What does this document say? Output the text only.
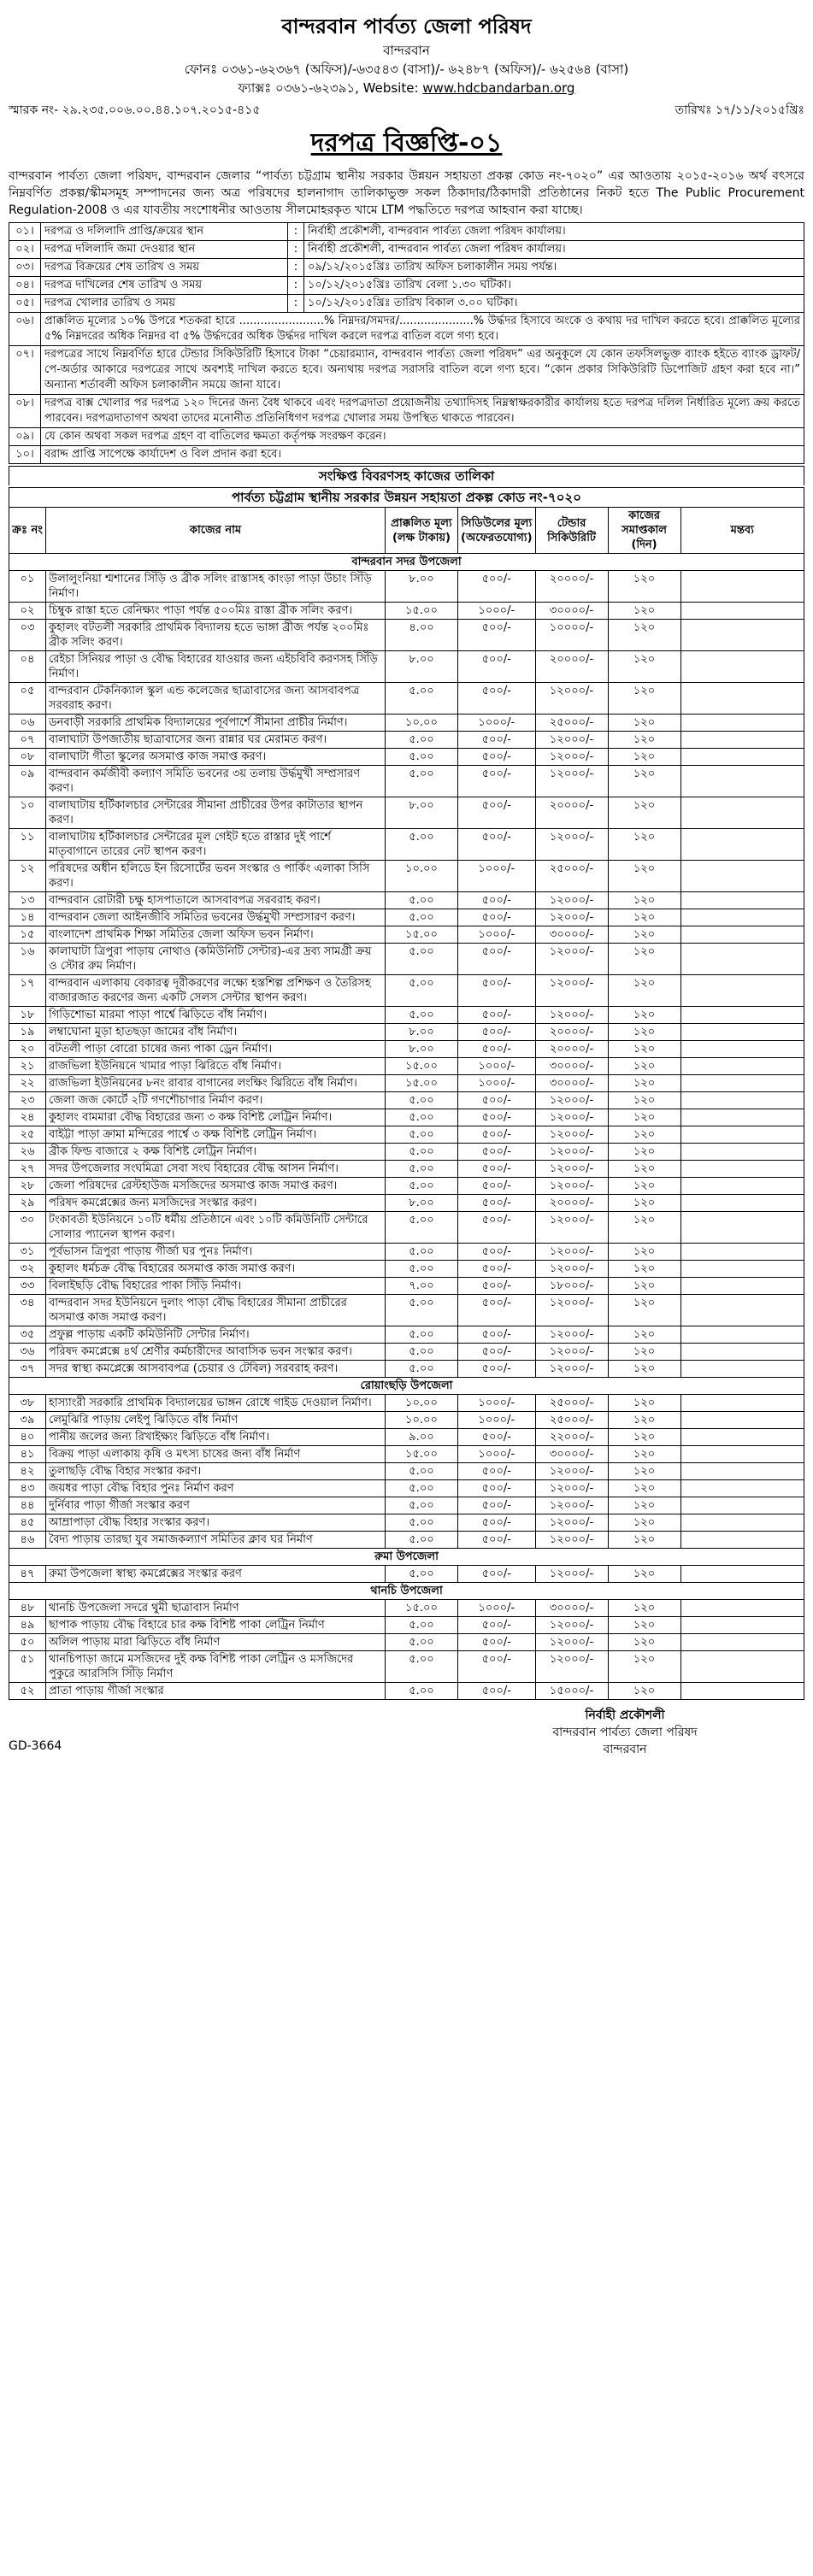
বান্দরবান পার্বত্য জেলা পরিষদ
বান্দরবান
ফোনঃ ০৩৬১-৬২৩৬৭ (অফিস)/-৬৩৫৪৩ (বাসা)/- ৬২৪৮৭ (অফিস)/- ৬২৫৬৪ (বাসা)
ফ্যাক্সঃ ০৩৬১-৬২৩৯১, Website: www.hdcbandarban.org
স্মারক নং- ২৯.২৩৫.০০৬.০০.৪৪.১০৭.২০১৫-৪১৫	তারিখঃ ১৭/১১/২০১৫খ্রিঃ
দরপত্র বিজ্ঞপ্তি-০১
বান্দরবান পার্বত্য জেলা পরিষদ, বান্দরবান জেলার “পার্বত্য চট্টগ্রাম স্থানীয় সরকার উন্নয়ন সহায়তা প্রকল্প কোড নং-৭০২০” এর আওতায় ২০১৫-২০১৬ অর্থ বৎসরে নিম্নবর্ণিত প্রকল্প/স্কীমসমূহ সম্পাদনের জন্য অত্র পরিষদের হালনাগাদ তালিকাভুক্ত সকল ঠিকাদার/ঠিকাদারী প্রতিষ্ঠানের নিকট হতে The Public Procurement Regulation-2008 ও এর যাবতীয় সংশোধনীর আওতায় সীলমোহরকৃত খামে LTM পদ্ধতিতে দরপত্র আহবান করা যাচ্ছে।
০১।	দরপত্র ও দলিলাদি প্রাপ্তি/ক্রয়ের স্থান	:	নির্বাহী প্রকৌশলী, বান্দরবান পার্বত্য জেলা পরিষদ কার্যালয়।
০২।	দরপত্র দলিলাদি জমা দেওয়ার স্থান	:	নির্বাহী প্রকৌশলী, বান্দরবান পার্বত্য জেলা পরিষদ কার্যালয়।
০৩।	দরপত্র বিক্রয়ের শেষ তারিখ ও সময়	:	০৯/১২/২০১৫খ্রিঃ তারিখ অফিস চলাকালীন সময় পর্যন্ত।
০৪।	দরপত্র দাখিলের শেষ তারিখ ও সময়	:	১০/১২/২০১৫খ্রিঃ তারিখ বেলা ১.৩০ ঘটিকা।
০৫।	দরপত্র খোলার তারিখ ও সময়	:	১০/১২/২০১৫খ্রিঃ তারিখ বিকাল ৩.০০ ঘটিকা।
০৬।	প্রাক্কলিত মূল্যের ১০% উপরে শতকরা হারে ........................% নিম্নদর/সমদর/.....................% উর্দ্ধদর হিসাবে অংকে ও কথায় দর দাখিল করতে হবে। প্রাক্কলিত মূল্যের ৫% নিম্নদরের অধিক নিম্নদর বা ৫% উর্দ্ধদরের অধিক উর্দ্ধদর দাখিল করলে দরপত্র বাতিল বলে গণ্য হবে।		
০৭।	দরপত্রের সাথে নিম্নবর্ণিত হারে টেন্ডার সিকিউরিটি হিসাবে টাকা “চেয়ারম্যান, বান্দরবান পার্বত্য জেলা পরিষদ” এর অনুকূলে যে কোন তফসিলভুক্ত ব্যাংক হইতে ব্যাংক ড্রাফট/পে-অর্ডার আকারে দরপত্রের সাথে অবশ্যই দাখিল করতে হবে। অন্যথায় দরপত্র সরাসরি বাতিল বলে গণ্য হবে। “কোন প্রকার সিকিউরিটি ডিপোজিট গ্রহণ করা হবে না।” অন্যান্য শর্তাবলী অফিস চলাকালীন সময়ে জানা যাবে।		
০৮।	দরপত্র বাক্স খোলার পর দরপত্র ১২০ দিনের জন্য বৈধ থাকবে এবং দরপত্রদাতা প্রয়োজনীয় তথ্যাদিসহ নিম্নস্বাক্ষরকারীর কার্যালয় হতে দরপত্র দলিল নির্ধারিত মূল্যে ক্রয় করতে পারবেন। দরপত্রদাতাগণ অথবা তাদের মনোনীত প্রতিনিধিগণ দরপত্র খোলার সময় উপস্থিত থাকতে পারবেন।		
০৯।	যে কোন অথবা সকল দরপত্র গ্রহণ বা বাতিলের ক্ষমতা কর্তৃপক্ষ সংরক্ষণ করেন।		
১০।	বরাদ্দ প্রাপ্তি সাপেক্ষে কার্যাদেশ ও বিল প্রদান করা হবে।		
সংক্ষিপ্ত বিবরণসহ কাজের তালিকা
পার্বত্য চট্টগ্রাম স্থানীয় সরকার উন্নয়ন সহায়তা প্রকল্প কোড নং-৭০২০
ক্রঃ নং	কাজের নাম	প্রাক্কলিত মূল্য (লক্ষ টাকায়)	সিডিউলের মূল্য (অফেরতযোগ্য)	টেন্ডার সিকিউরিটি	কাজের সমাপ্তকাল (দিন)	মন্তব্য
বান্দরবান সদর উপজেলা						
০১	উলালুংনিয়া শ্মশানের সিঁড়ি ও ব্রীক সলিং রাস্তাসহ কাংড়া পাড়া উচাং সিঁড়ি নির্মাণ।	৮.০০	৫০০/-	২০০০০/-	১২০	
০২	চিম্বুক রাস্তা হতে রেনিক্ষ্যং পাড়া পর্যন্ত ৫০০মিঃ রাস্তা ব্রীক সলিং করণ।	১৫.০০	১০০০/-	৩০০০০/-	১২০	
০৩	কুহালং বটতলী সরকারি প্রাথমিক বিদ্যালয় হতে ভাঙ্গা ব্রীজ পর্যন্ত ২০০মিঃ ব্রীক সলিং করণ।	৪.০০	৫০০/-	১০০০০/-	১২০	
০৪	রেইচা সিনিয়র পাড়া ও বৌদ্ধ বিহারের যাওয়ার জন্য এইচবিবি করণসহ সিঁড়ি নির্মাণ।	৮.০০	৫০০/-	২০০০০/-	১২০	
০৫	বান্দরবান টেকনিক্যাল স্কুল এন্ড কলেজের ছাত্রাবাসের জন্য আসবাবপত্র সরবরাহ করণ।	৫.০০	৫০০/-	১২০০০/-	১২০	
০৬	ডনবাড়ী সরকারি প্রাথমিক বিদ্যালয়ের পূর্বপার্শে সীমানা প্রাচীর নির্মাণ।	১০.০০	১০০০/-	২৫০০০/-	১২০	
০৭	বালাঘাটা উপজাতীয় ছাত্রাবাসের জন্য রান্নার ঘর মেরামত করণ।	৫.০০	৫০০/-	১২০০০/-	১২০	
০৮	বালাঘাটা গীতা স্কুলের অসমাপ্ত কাজ সমাপ্ত করণ।	৫.০০	৫০০/-	১২০০০/-	১২০	
০৯	বান্দরবান কর্মজীবী কল্যাণ সমিতি ভবনের ৩য় তলায় উর্দ্ধমুখী সম্প্রসারণ করণ।	৫.০০	৫০০/-	১২০০০/-	১২০	
১০	বালাঘাটায় হর্টিকালচার সেন্টারের সীমানা প্রাচীরের উপর কাটাতার স্থাপন করণ।	৮.০০	৫০০/-	২০০০০/-	১২০	
১১	বালাঘাটায় হর্টিকালচার সেন্টারের মূল গেইট হতে রাস্তার দুই পার্শে মাতৃবাগানে তারের নেট স্থাপন করণ।	৫.০০	৫০০/-	১২০০০/-	১২০	
১২	পরিষদের অধীন হলিডে ইন রিসোর্টের ভবন সংস্কার ও পার্কিং এলাকা সিসি করণ।	১০.০০	১০০০/-	২৫০০০/-	১২০	
১৩	বান্দরবান রোটারী চক্ষু হাসপাতালে আসবাবপত্র সরবরাহ করণ।	৫.০০	৫০০/-	১২০০০/-	১২০	
১৪	বান্দরবান জেলা আইনজীবি সমিতির ভবনের উর্দ্ধমুখী সম্প্রসারণ করণ।	৫.০০	৫০০/-	১২০০০/-	১২০	
১৫	বাংলাদেশ প্রাথমিক শিক্ষা সমিতির জেলা অফিস ভবন নির্মাণ।	১৫.০০	১০০০/-	৩০০০০/-	১২০	
১৬	কালাঘাটা ত্রিপুরা পাড়ায় নোথাও (কমিউনিটি সেন্টার)-এর দ্রব্য সামগ্রী ক্রয় ও স্টোর রুম নির্মাণ।	৫.০০	৫০০/-	১২০০০/-	১২০	
১৭	বান্দরবান এলাকায় বেকারত্ব দূরীকরণের লক্ষ্যে হস্তশিল্প প্রশিক্ষণ ও তৈরিসহ বাজারজাত করণের জন্য একটি সেলস সেন্টার স্থাপন করণ।	৫.০০	৫০০/-	১২০০০/-	১২০	
১৮	গিড়িশোভা মারমা পাড়া পার্শ্বে ঝিড়িতে বাঁধ নির্মাণ।	৫.০০	৫০০/-	১২০০০/-	১২০	
১৯	লম্বাঘোনা মুড়া হাতছড়া জামের বাঁধ নির্মাণ।	৮.০০	৫০০/-	২০০০০/-	১২০	
২০	বটতলী পাড়া বোরো চাষের জন্য পাকা ড্রেন নির্মাণ।	৮.০০	৫০০/-	২০০০০/-	১২০	
২১	রাজভিলা ইউনিয়নে খামার পাড়া ঝিরিতে বাঁধ নির্মাণ।	১৫.০০	১০০০/-	৩০০০০/-	১২০	
২২	রাজভিলা ইউনিয়নের ৮নং রাবার বাগানের লংক্ষিং ঝিরিতে বাঁধ নির্মাণ।	১৫.০০	১০০০/-	৩০০০০/-	১২০	
২৩	জেলা জজ কোর্টে ২টি গণশৌচাগার নির্মাণ করণ।	৫.০০	৫০০/-	১২০০০/-	১২০	
২৪	কুহালং বামমারা বৌদ্ধ বিহারের জন্য ৩ কক্ষ বিশিষ্ট লেট্রিন নির্মাণ।	৫.০০	৫০০/-	১২০০০/-	১২০	
২৫	বাইট্টা পাড়া ক্রামা মন্দিরের পার্শ্বে ৩ কক্ষ বিশিষ্ট লেট্রিন নির্মাণ।	৫.০০	৫০০/-	১২০০০/-	১২০	
২৬	ব্রীক ফিল্ড বাজারে ২ কক্ষ বিশিষ্ট লেট্রিন নির্মাণ।	৫.০০	৫০০/-	১২০০০/-	১২০	
২৭	সদর উপজেলার সংঘমিত্রা সেবা সংঘ বিহারের বৌদ্ধ আসন নির্মাণ।	৫.০০	৫০০/-	১২০০০/-	১২০	
২৮	জেলা পরিষদের রেস্টহাউজ মসজিদের অসমাপ্ত কাজ সমাপ্ত করণ।	৫.০০	৫০০/-	১২০০০/-	১২০	
২৯	পরিষদ কমপ্লেক্সের জন্য মসজিদের সংস্কার করণ।	৮.০০	৫০০/-	২০০০০/-	১২০	
৩০	টংকাবতী ইউনিয়নে ১০টি ধর্মীয় প্রতিষ্ঠানে এবং ১০টি কমিউনিটি সেন্টারে সোলার প্যানেল স্থাপন করণ।	৫.০০	৫০০/-	১২০০০/-	১২০	
৩১	পূর্বভাসন ত্রিপুরা পাড়ায় গীর্জা ঘর পুনঃ নির্মাণ।	৫.০০	৫০০/-	১২০০০/-	১২০	
৩২	কুহালং ধর্মচক্র বৌদ্ধ বিহারের অসমাপ্ত কাজ সমাপ্ত করণ।	৫.০০	৫০০/-	১২০০০/-	১২০	
৩৩	বিলাইছড়ি বৌদ্ধ বিহারের পাকা সিঁড়ি নির্মাণ।	৭.০০	৫০০/-	১৮০০০/-	১২০	
৩৪	বান্দরবান সদর ইউনিয়নে দুলাং পাড়া বৌদ্ধ বিহারের সীমানা প্রাচীরের অসমাপ্ত কাজ সমাপ্ত করণ।	৫.০০	৫০০/-	১২০০০/-	১২০	
৩৫	প্রফুল্ল পাড়ায় একটি কমিউনিটি সেন্টার নির্মাণ।	৫.০০	৫০০/-	১২০০০/-	১২০	
৩৬	পরিষদ কমপ্লেক্সে ৪র্থ শ্রেণীর কর্মচারীদের আবাসিক ভবন সংস্কার করণ।	৫.০০	৫০০/-	১২০০০/-	১২০	
৩৭	সদর স্বাস্থ্য কমপ্লেক্সে আসবাবপত্র (চেয়ার ও টেবিল) সরবরাহ করণ।	৫.০০	৫০০/-	১২০০০/-	১২০	
রোয়াংছড়ি উপজেলা						
৩৮	হাস্যাংরী সরকারি প্রাথমিক বিদ্যালয়ের ভাঙ্গন রোধে গাইড দেওয়াল নির্মাণ।	১০.০০	১০০০/-	২৫০০০/-	১২০	
৩৯	লেমুঝিরি পাড়ায় লেইপু ঝিড়িতে বাঁধ নির্মাণ	১০.০০	১০০০/-	২৫০০০/-	১২০	
৪০	পানীয় জলের জন্য রিখাইক্ষ্যং ঝিড়িতে বাঁধ নির্মাণ।	৯.০০	৫০০/-	২২০০০/-	১২০	
৪১	বিক্রয় পাড়া এলাকায় কৃষি ও মৎস্য চাষের জন্য বাঁধ নির্মাণ	১৫.০০	১০০০/-	৩০০০০/-	১২০	
৪২	তুলাছড়ি বৌদ্ধ বিহার সংস্কার করণ।	৫.০০	৫০০/-	১২০০০/-	১২০	
৪৩	জয়ধর পাড়া বৌদ্ধ বিহার পুনঃ নির্মাণ করণ	৫.০০	৫০০/-	১২০০০/-	১২০	
৪৪	দুর্নিবার পাড়া গীর্জা সংস্কার করণ	৫.০০	৫০০/-	১২০০০/-	১২০	
৪৫	আম্রাপাড়া বৌদ্ধ বিহার সংস্কার করণ।	৫.০০	৫০০/-	১২০০০/-	১২০	
৪৬	বৈদ্য পাড়ায় তারছা যুব সমাজকল্যাণ সমিতির ক্লাব ঘর নির্মাণ	৫.০০	৫০০/-	১২০০০/-	১২০	
রুমা উপজেলা						
৪৭	রুমা উপজেলা স্বাস্থ্য কমপ্লেক্সের সংস্কার করণ	৫.০০	৫০০/-	১২০০০/-	১২০	
থানচি উপজেলা						
৪৮	থানচি উপজেলা সদরে থুমী ছাত্রাবাস নির্মাণ	১৫.০০	১০০০/-	৩০০০০/-	১২০	
৪৯	ছাপাক পাড়ায় বৌদ্ধ বিহারে চার কক্ষ বিশিষ্ট পাকা লেট্রিন নির্মাণ	৫.০০	৫০০/-	১২০০০/-	১২০	
৫০	অলিল পাড়ায় মারা ঝিড়িতে বাঁধ নির্মাণ	৫.০০	৫০০/-	১২০০০/-	১২০	
৫১	থানচিপাড়া জামে মসজিদের দুই কক্ষ বিশিষ্ট পাকা লেট্রিন ও মসজিদের পুকুরে আরসিসি সিঁড়ি নির্মাণ	৫.০০	৫০০/-	১২০০০/-	১২০	
৫২	প্রাতা পাড়ায় গীর্জা সংস্কার	৫.০০	৫০০/-	১৫০০০/-	১২০	
নির্বাহী প্রকৌশলী
বান্দরবান পার্বত্য জেলা পরিষদ
বান্দরবান
GD-3664
